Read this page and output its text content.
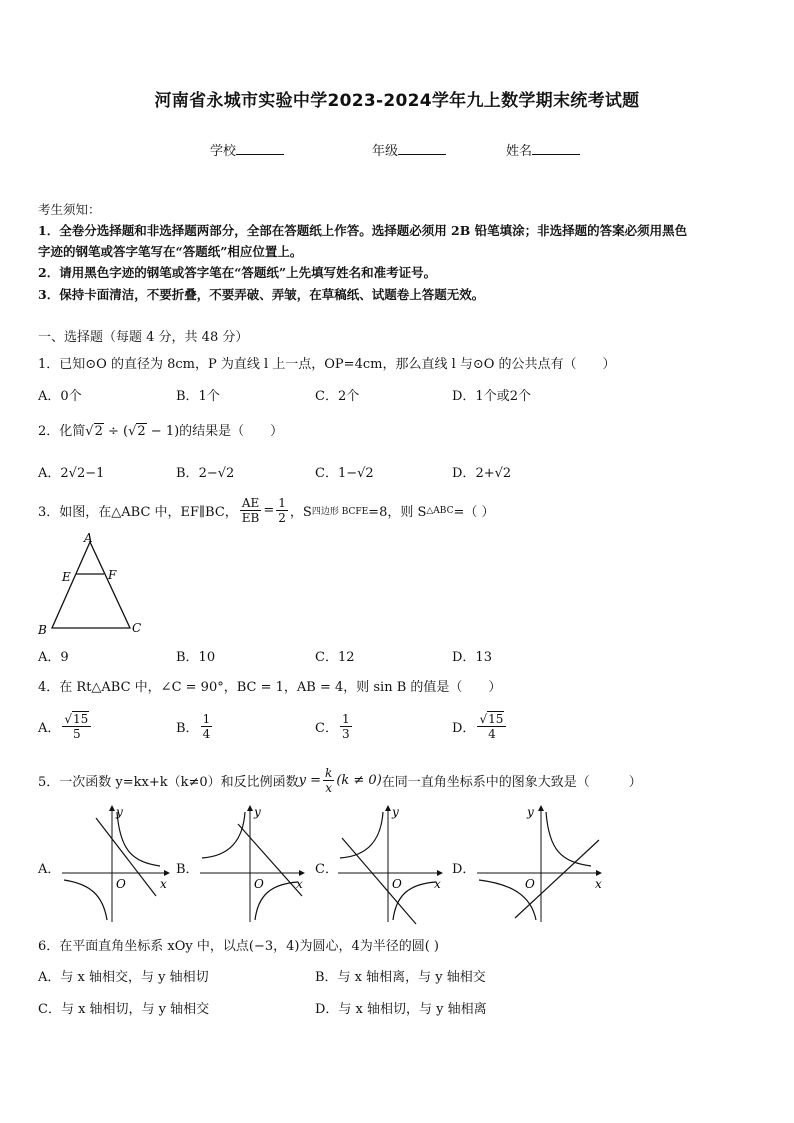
河南省永城市实验中学2023-2024学年九上数学期末统考试题
学校	年级	姓名
考生须知：
1．全卷分选择题和非选择题两部分，全部在答题纸上作答。选择题必须用 2B 铅笔填涂；非选择题的答案必须用黑色
字迹的钢笔或答字笔写在“答题纸”相应位置上。
2．请用黑色字迹的钢笔或答字笔在“答题纸”上先填写姓名和准考证号。
3．保持卡面清洁，不要折叠，不要弄破、弄皱，在草稿纸、试题卷上答题无效。
一、选择题（每题 4 分，共 48 分）
1．已知⊙O 的直径为 8cm，P 为直线 l 上一点，OP=4cm，那么直线 l 与⊙O 的公共点有（　　）
A．0个	B．1个	C．2个	D．1个或2个
2．化简√2 ÷ (√2 − 1)的结果是（　　）
A．2√2−1	B．2−√2	C．1−√2	D．2+√2
3．如图，在△ABC 中，EF∥BC， $\frac{AE}{EB} = \frac{1}{2}$ ，S 四边形 BCFE =8，则 S △ABC =（ ）
A
E	F
B	C
A．9	B．10	C．12	D．13
4．在 Rt△ABC 中，∠C = 90°，BC = 1，AB = 4，则 sin B 的值是（　　）
A． $\frac{√15}{5}$	B． $\frac{1}{4}$	C． $\frac{1}{3}$	D． $\frac{√15}{4}$
5．一次函数 y=kx+k（k≠0）和反比例函数 $y = \frac{k}{x} (k \ne 0)$ 在同一直角坐标系中的图象大致是（　　　）
A．	B．	C．	D．
O	x
y
O	x
y
O	x
y
O	x
y
6．在平面直角坐标系 xOy 中，以点(−3，4)为圆心，4为半径的圆( )
A．与 x 轴相交，与 y 轴相切	B．与 x 轴相离，与 y 轴相交
C．与 x 轴相切，与 y 轴相交	D．与 x 轴相切，与 y 轴相离
